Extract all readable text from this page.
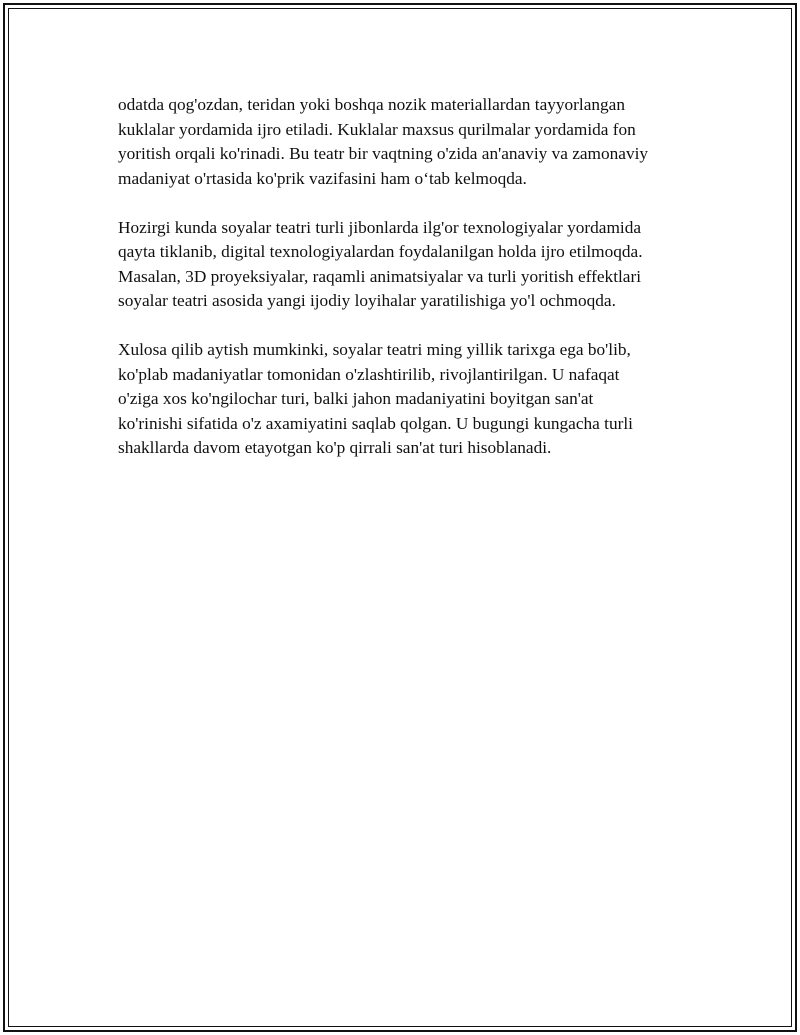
odatda qog'ozdan, teridan yoki boshqa nozik materiallardan tayyorlangan
kuklalar yordamida ijro etiladi. Kuklalar maxsus qurilmalar yordamida fon
yoritish orqali ko'rinadi. Bu teatr bir vaqtning o'zida an'anaviy va zamonaviy
madaniyat o'rtasida ko'prik vazifasini ham o‘tab kelmoqda.

Hozirgi kunda soyalar teatri turli jibonlarda ilg'or texnologiyalar yordamida
qayta tiklanib, digital texnologiyalardan foydalanilgan holda ijro etilmoqda.
Masalan, 3D proyeksiyalar, raqamli animatsiyalar va turli yoritish effektlari
soyalar teatri asosida yangi ijodiy loyihalar yaratilishiga yo'l ochmoqda.

Xulosa qilib aytish mumkinki, soyalar teatri ming yillik tarixga ega bo'lib,
ko'plab madaniyatlar tomonidan o'zlashtirilib, rivojlantirilgan. U nafaqat
o'ziga xos ko'ngilochar turi, balki jahon madaniyatini boyitgan san'at
ko'rinishi sifatida o'z axamiyatini saqlab qolgan. U bugungi kungacha turli
shakllarda davom etayotgan ko'p qirrali san'at turi hisoblanadi.
